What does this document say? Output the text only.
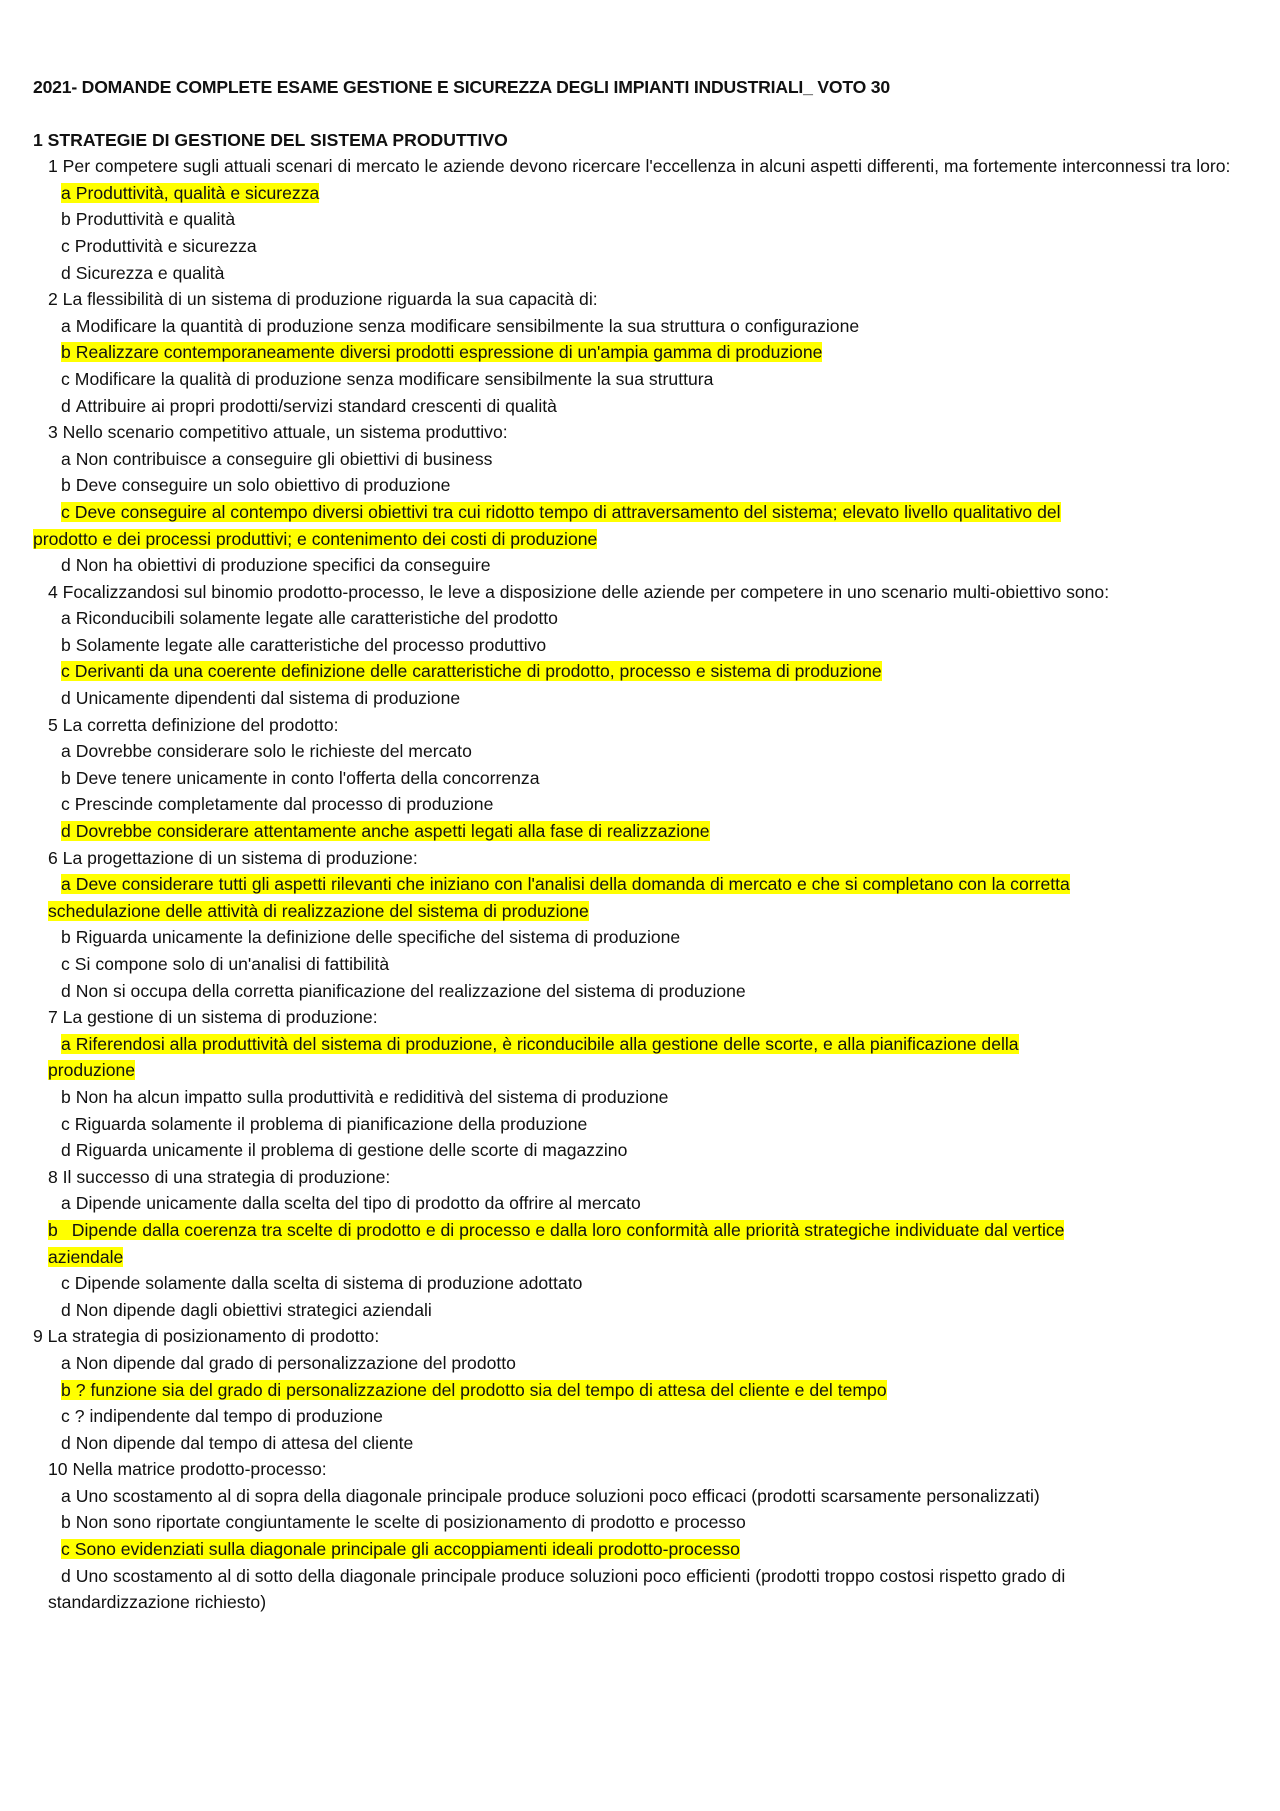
2021- DOMANDE COMPLETE ESAME GESTIONE E SICUREZZA DEGLI IMPIANTI INDUSTRIALI_ VOTO 30
1 STRATEGIE DI GESTIONE DEL SISTEMA PRODUTTIVO
1 Per competere sugli attuali scenari di mercato le aziende devono ricercare l'eccellenza in alcuni aspetti differenti, ma fortemente interconnessi tra loro:
a Produttività, qualità e sicurezza
b Produttività e qualità
c Produttività e sicurezza
d Sicurezza e qualità
2 La flessibilità di un sistema di produzione riguarda la sua capacità di:
a Modificare la quantità di produzione senza modificare sensibilmente la sua struttura o configurazione
b Realizzare contemporaneamente diversi prodotti espressione di un'ampia gamma di produzione
c Modificare la qualità di produzione senza modificare sensibilmente la sua struttura
d Attribuire ai propri prodotti/servizi standard crescenti di qualità
3 Nello scenario competitivo attuale, un sistema produttivo:
a Non contribuisce a conseguire gli obiettivi di business
b Deve conseguire un solo obiettivo di produzione
c Deve conseguire al contempo diversi obiettivi tra cui ridotto tempo di attraversamento del sistema; elevato livello qualitativo del
prodotto e dei processi produttivi; e contenimento dei costi di produzione
d Non ha obiettivi di produzione specifici da conseguire
4 Focalizzandosi sul binomio prodotto-processo, le leve a disposizione delle aziende per competere in uno scenario multi-obiettivo sono:
a Riconducibili solamente legate alle caratteristiche del prodotto
b Solamente legate alle caratteristiche del processo produttivo
c Derivanti da una coerente definizione delle caratteristiche di prodotto, processo e sistema di produzione
d Unicamente dipendenti dal sistema di produzione
5 La corretta definizione del prodotto:
a Dovrebbe considerare solo le richieste del mercato
b Deve tenere unicamente in conto l'offerta della concorrenza
c Prescinde completamente dal processo di produzione
d Dovrebbe considerare attentamente anche aspetti legati alla fase di realizzazione
6 La progettazione di un sistema di produzione:
a Deve considerare tutti gli aspetti rilevanti che iniziano con l'analisi della domanda di mercato e che si completano con la corretta
schedulazione delle attività di realizzazione del sistema di produzione
b Riguarda unicamente la definizione delle specifiche del sistema di produzione
c Si compone solo di un'analisi di fattibilità
d Non si occupa della corretta pianificazione del realizzazione del sistema di produzione
7 La gestione di un sistema di produzione:
a Riferendosi alla produttività del sistema di produzione, è riconducibile alla gestione delle scorte, e alla pianificazione della
produzione
b Non ha alcun impatto sulla produttività e rediditivà del sistema di produzione
c Riguarda solamente il problema di pianificazione della produzione
d Riguarda unicamente il problema di gestione delle scorte di magazzino
8 Il successo di una strategia di produzione:
a Dipende unicamente dalla scelta del tipo di prodotto da offrire al mercato
b Dipende dalla coerenza tra scelte di prodotto e di processo e dalla loro conformità alle priorità strategiche individuate dal vertice
aziendale
c Dipende solamente dalla scelta di sistema di produzione adottato
d Non dipende dagli obiettivi strategici aziendali
9 La strategia di posizionamento di prodotto:
a Non dipende dal grado di personalizzazione del prodotto
b ? funzione sia del grado di personalizzazione del prodotto sia del tempo di attesa del cliente e del tempo
c ? indipendente dal tempo di produzione
d Non dipende dal tempo di attesa del cliente
10 Nella matrice prodotto-processo:
a Uno scostamento al di sopra della diagonale principale produce soluzioni poco efficaci (prodotti scarsamente personalizzati)
b Non sono riportate congiuntamente le scelte di posizionamento di prodotto e processo
c Sono evidenziati sulla diagonale principale gli accoppiamenti ideali prodotto-processo
d Uno scostamento al di sotto della diagonale principale produce soluzioni poco efficienti (prodotti troppo costosi rispetto grado di
standardizzazione richiesto)
